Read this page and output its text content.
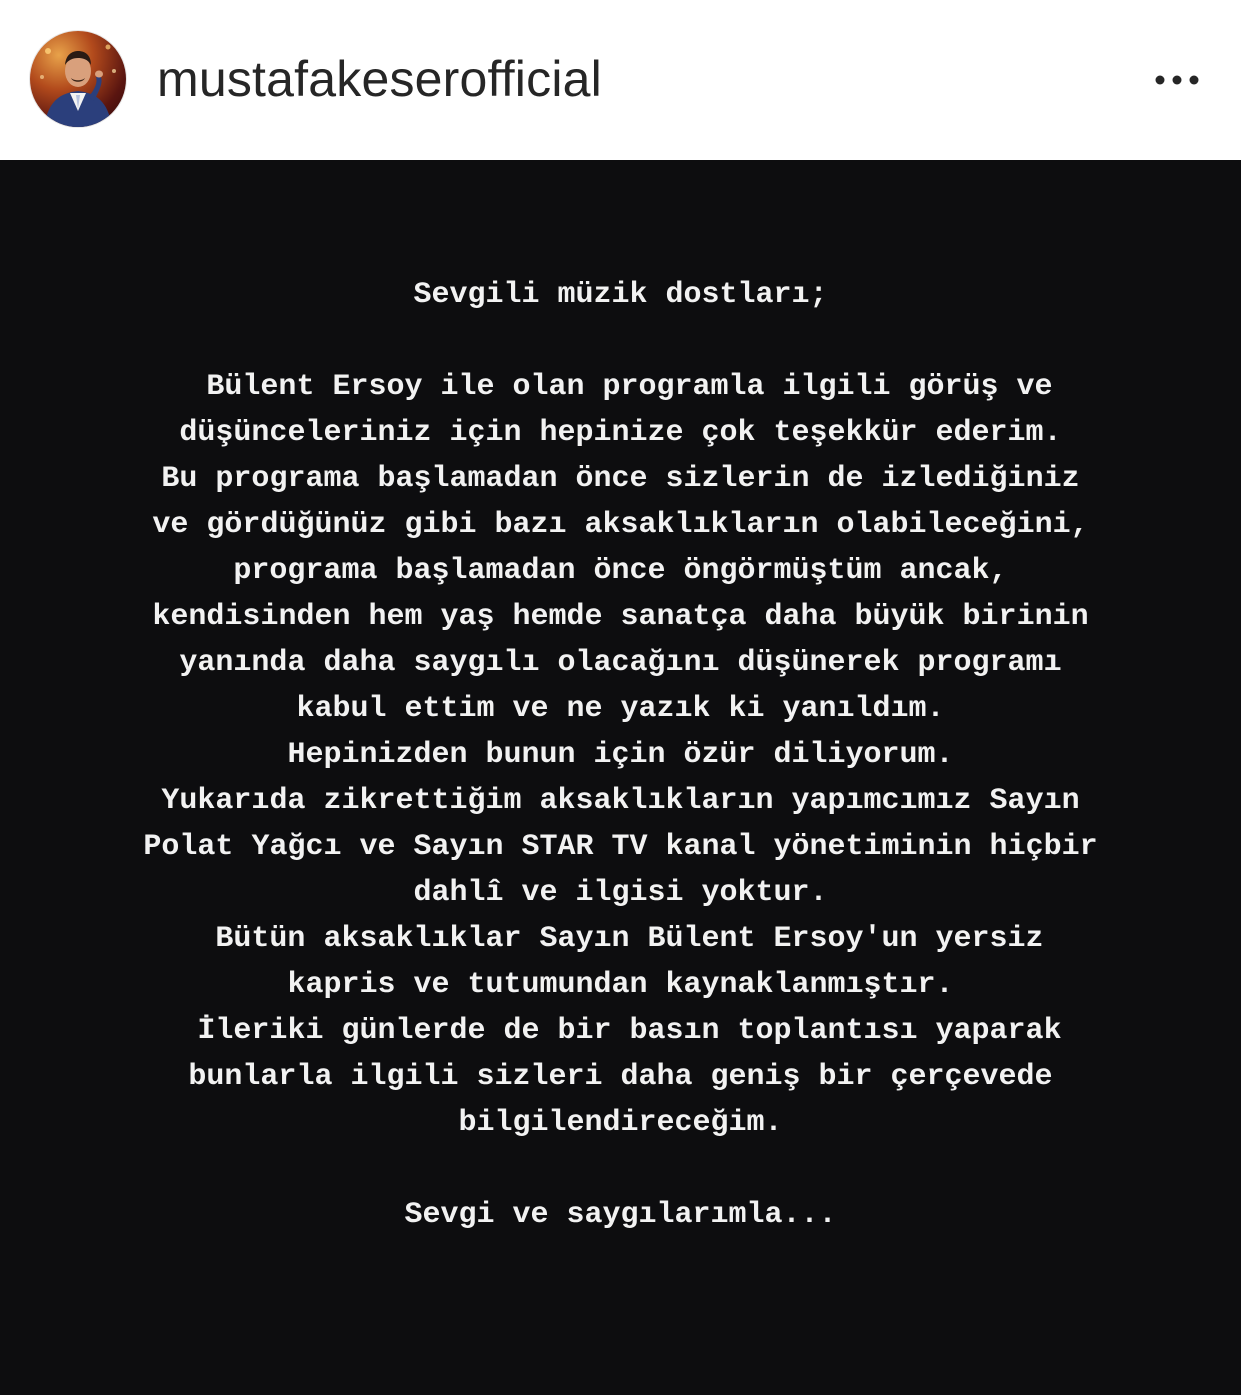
mustafakeserofficial
Sevgili müzik dostları;
Bülent Ersoy ile olan programla ilgili görüş ve
düşünceleriniz için hepinize çok teşekkür ederim.
Bu programa başlamadan önce sizlerin de izlediğiniz
ve gördüğünüz gibi bazı aksaklıkların olabileceğini,
programa başlamadan önce öngörmüştüm ancak,
kendisinden hem yaş hemde sanatça daha büyük birinin
yanında daha saygılı olacağını düşünerek programı
kabul ettim ve ne yazık ki yanıldım.
Hepinizden bunun için özür diliyorum.
Yukarıda zikrettiğim aksaklıkların yapımcımız Sayın
Polat Yağcı ve Sayın STAR TV kanal yönetiminin hiçbir
dahlî ve ilgisi yoktur.
Bütün aksaklıklar Sayın Bülent Ersoy'un yersiz
kapris ve tutumundan kaynaklanmıştır.
İleriki günlerde de bir basın toplantısı yaparak
bunlarla ilgili sizleri daha geniş bir çerçevede
bilgilendireceğim.
Sevgi ve saygılarımla...
